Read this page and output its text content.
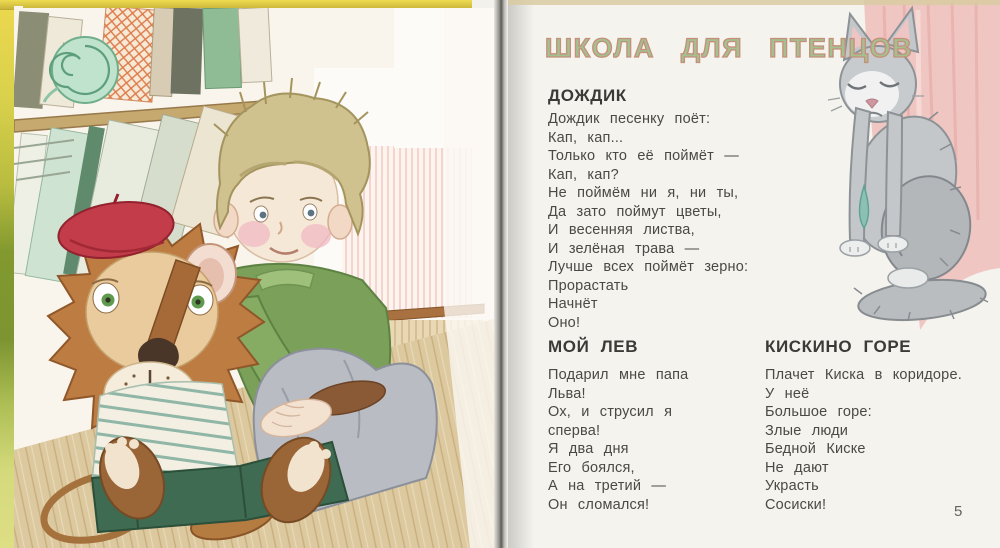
ШКОЛА ДЛЯ ПТЕНЦОВ
ДОЖДИК
Дождик песенку поёт:
Кап, кап...
Только кто её поймёт —
Кап, кап?
Не поймём ни я, ни ты,
Да зато поймут цветы,
И весенняя листва,
И зелёная трава —
Лучше всех поймёт зерно:
Прорастать
Начнёт
Оно!
МОЙ ЛЕВ
Подарил мне папа
Льва!
Ох, и струсил я
сперва!
Я два дня
Его боялся,
А на третий —
Он сломался!
КИСКИНО ГОРЕ
Плачет Киска в коридоре.
У неё
Большое горе:
Злые люди
Бедной Киске
Не дают
Украсть
Сосиски!	5
